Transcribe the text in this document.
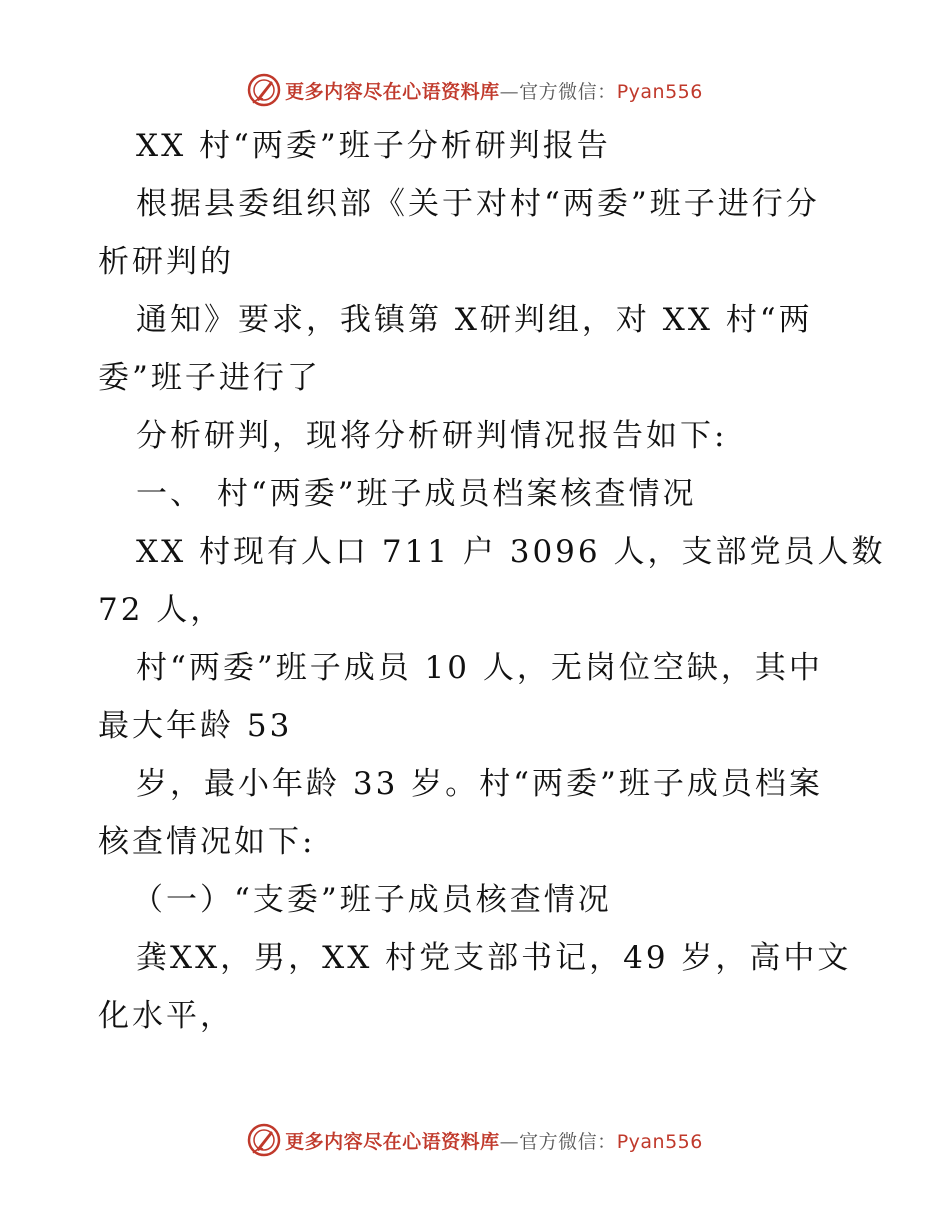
更多内容尽在心语资料库—官方微信：Pyan556
XX 村“两委”班子分析研判报告
根据县委组织部《关于对村“两委”班子进行分
析研判的
通知》要求，我镇第 X研判组，对 XX 村“两
委”班子进行了
分析研判，现将分析研判情况报告如下:
一、 村“两委”班子成员档案核查情况
XX 村现有人口 711 户 3096 人，支部党员人数
72 人，
村“两委”班子成员 10 人，无岗位空缺，其中
最大年龄 53
岁，最小年龄 33 岁。村“两委”班子成员档案
核查情况如下:
（一）“支委”班子成员核查情况
龚XX，男，XX 村党支部书记，49 岁，高中文
化水平，
更多内容尽在心语资料库—官方微信：Pyan556
